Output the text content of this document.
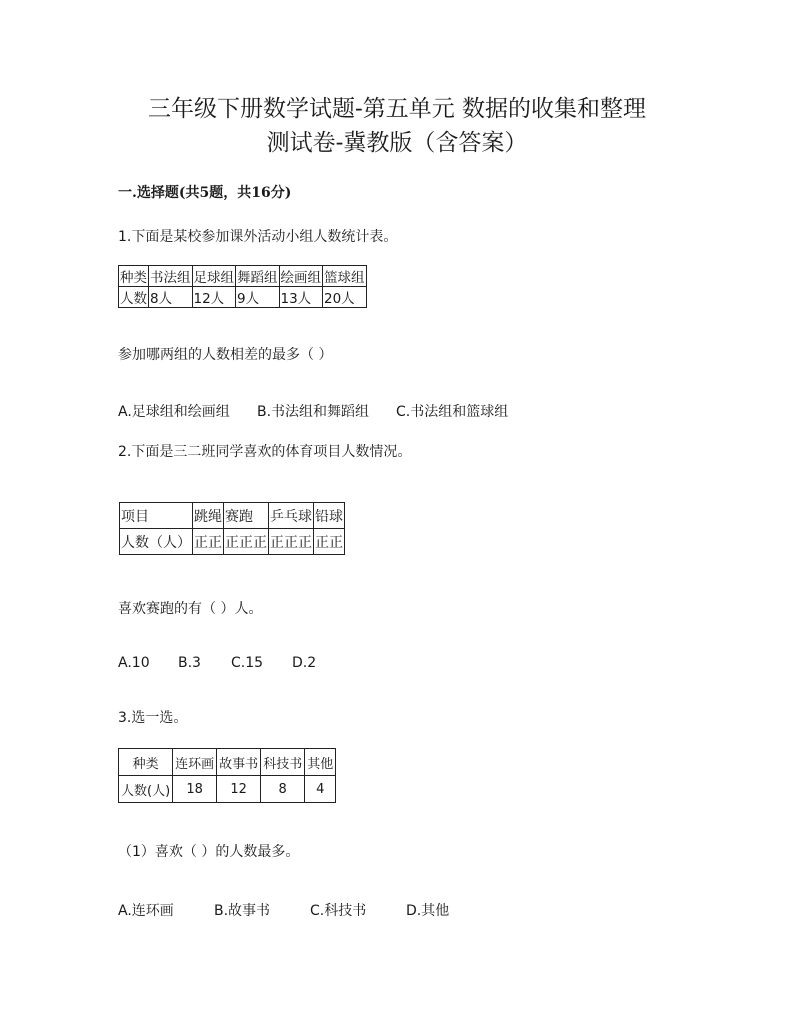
三年级下册数学试题-第五单元 数据的收集和整理
测试卷-冀教版（含答案）
一.选择题(共5题，共16分)
1.下面是某校参加课外活动小组人数统计表。
种类	书法组	足球组	舞蹈组	绘画组	篮球组
人数	8人	12人	9人	13人	20人
参加哪两组的人数相差的最多（ ）
A.足球组和绘画组 B.书法组和舞蹈组 C.书法组和篮球组
2.下面是三二班同学喜欢的体育项目人数情况。
项目	跳绳	赛跑	乒乓球	铅球
人数（人）	正正	正正正	正正正	正正
喜欢赛跑的有（ ）人。
A.10 B.3 C.15 D.2
3.选一选。
种类	连环画	故事书	科技书	其他
人数(人)	18	12	8	4
（1）喜欢（ ）的人数最多。
A.连环画	B.故事书	C.科技书	D.其他
